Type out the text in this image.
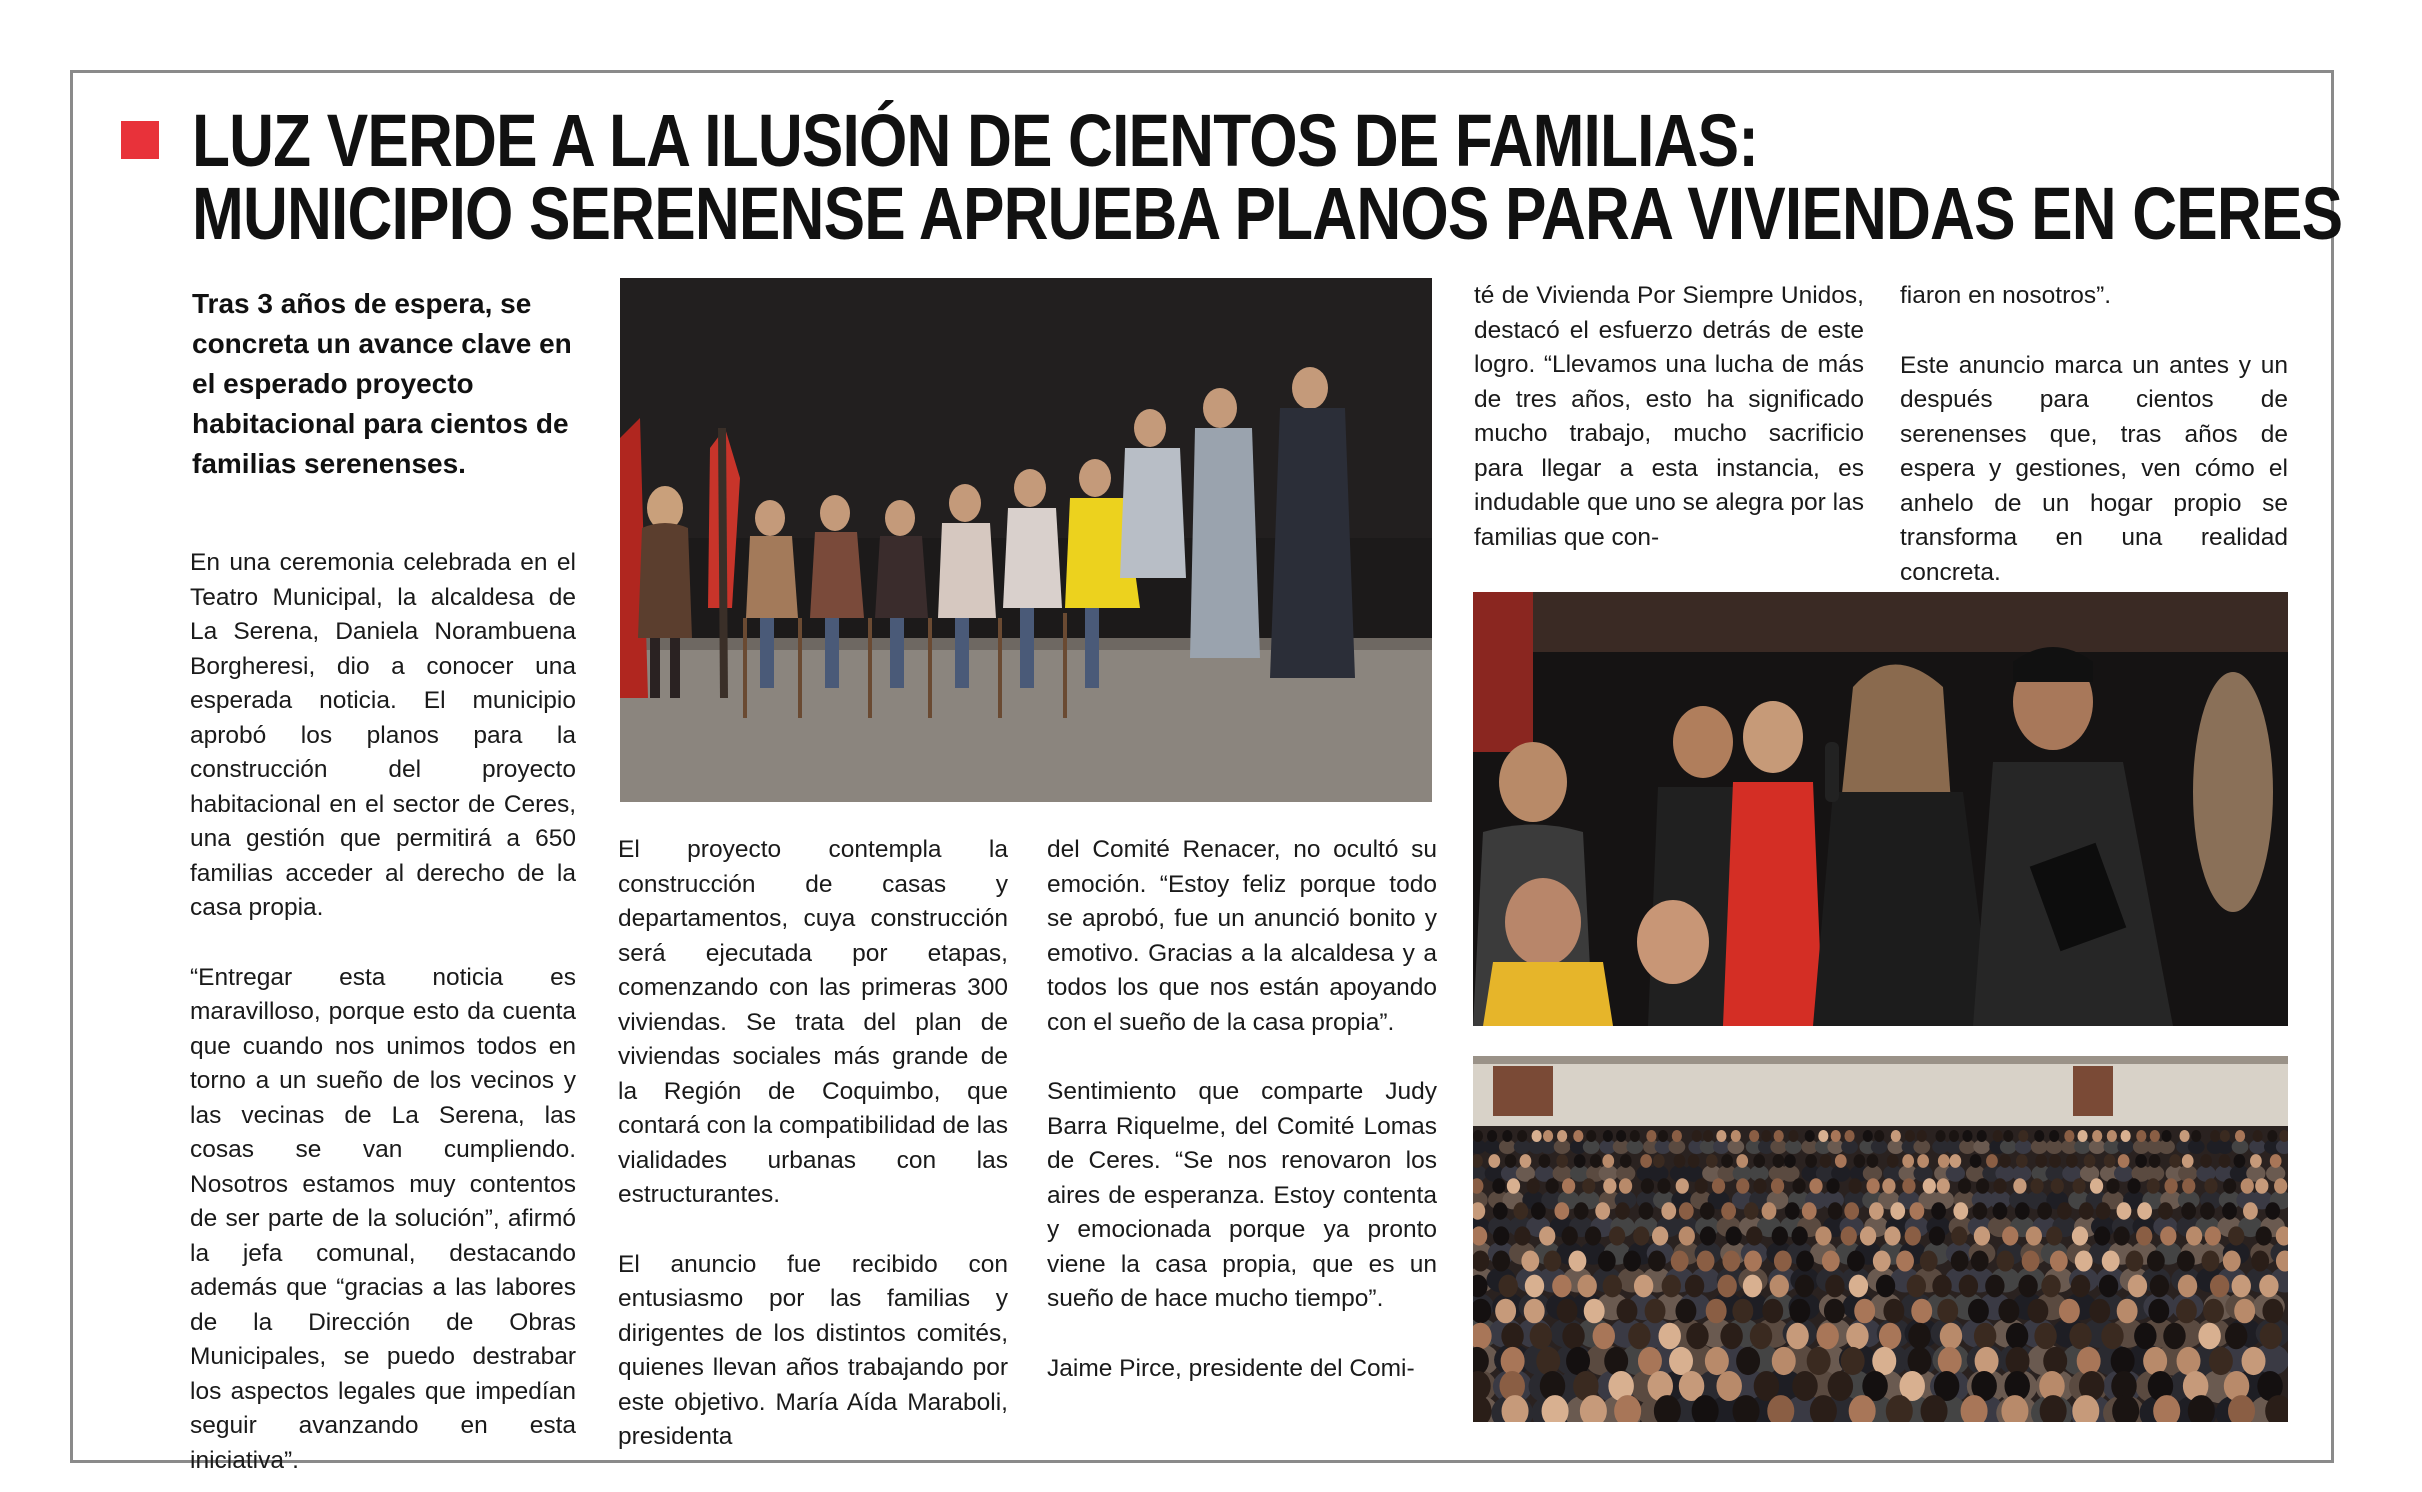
LUZ VERDE A LA ILUSIÓN DE CIENTOS DE FAMILIAS:
MUNICIPIO SERENENSE APRUEBA PLANOS PARA VIVIENDAS EN CERES
Tras 3 años de espera, se concreta un avance clave en el esperado proyecto habitacional para cientos de familias serenenses.

En una ceremonia celebrada en el Teatro Municipal, la alcaldesa de La Serena, Daniela Norambuena Borgheresi, dio a conocer una esperada noticia. El municipio aprobó los planos para la construcción del proyecto habitacional en el sector de Ceres, una gestión que permitirá a 650 familias acceder al derecho de la casa propia.

“Entregar esta noticia es maravilloso, porque esto da cuenta que cuando nos unimos todos en torno a un sueño de los vecinos y las vecinas de La Serena, las cosas se van cumpliendo. Nosotros estamos muy contentos de ser parte de la solución”, afirmó la jefa comunal, destacando además que “gracias a las labores de la Dirección de Obras Municipales, se puedo destrabar los aspectos legales que impedían seguir avanzando en esta iniciativa”.

El proyecto contempla la construcción de casas y departamentos, cuya construcción será ejecutada por etapas, comenzando con las primeras 300 viviendas. Se trata del plan de viviendas sociales más grande de la Región de Coquimbo, que contará con la compatibilidad de las vialidades urbanas con las estructurantes.

El anuncio fue recibido con entusiasmo por las familias y dirigentes de los distintos comités, quienes llevan años trabajando por este objetivo. María Aída Maraboli, presidenta

del Comité Renacer, no ocultó su emoción. “Estoy feliz porque todo se aprobó, fue un anunció bonito y emotivo. Gracias a la alcaldesa y a todos los que nos están apoyando con el sueño de la casa propia”.

Sentimiento que comparte Judy Barra Riquelme, del Comité Lomas de Ceres. “Se nos renovaron los aires de esperanza. Estoy contenta y emocionada porque ya pronto viene la casa propia, que es un sueño de hace mucho tiempo”.

Jaime Pirce, presidente del Comi-

té de Vivienda Por Siempre Unidos, destacó el esfuerzo detrás de este logro. “Llevamos una lucha de más de tres años, esto ha significado mucho trabajo, mucho sacrificio para llegar a esta instancia, es indudable que uno se alegra por las familias que con-

fiaron en nosotros”.

Este anuncio marca un antes y un después para cientos de serenenses que, tras años de espera y gestiones, ven cómo el anhelo de un hogar propio se transforma en una realidad concreta.
